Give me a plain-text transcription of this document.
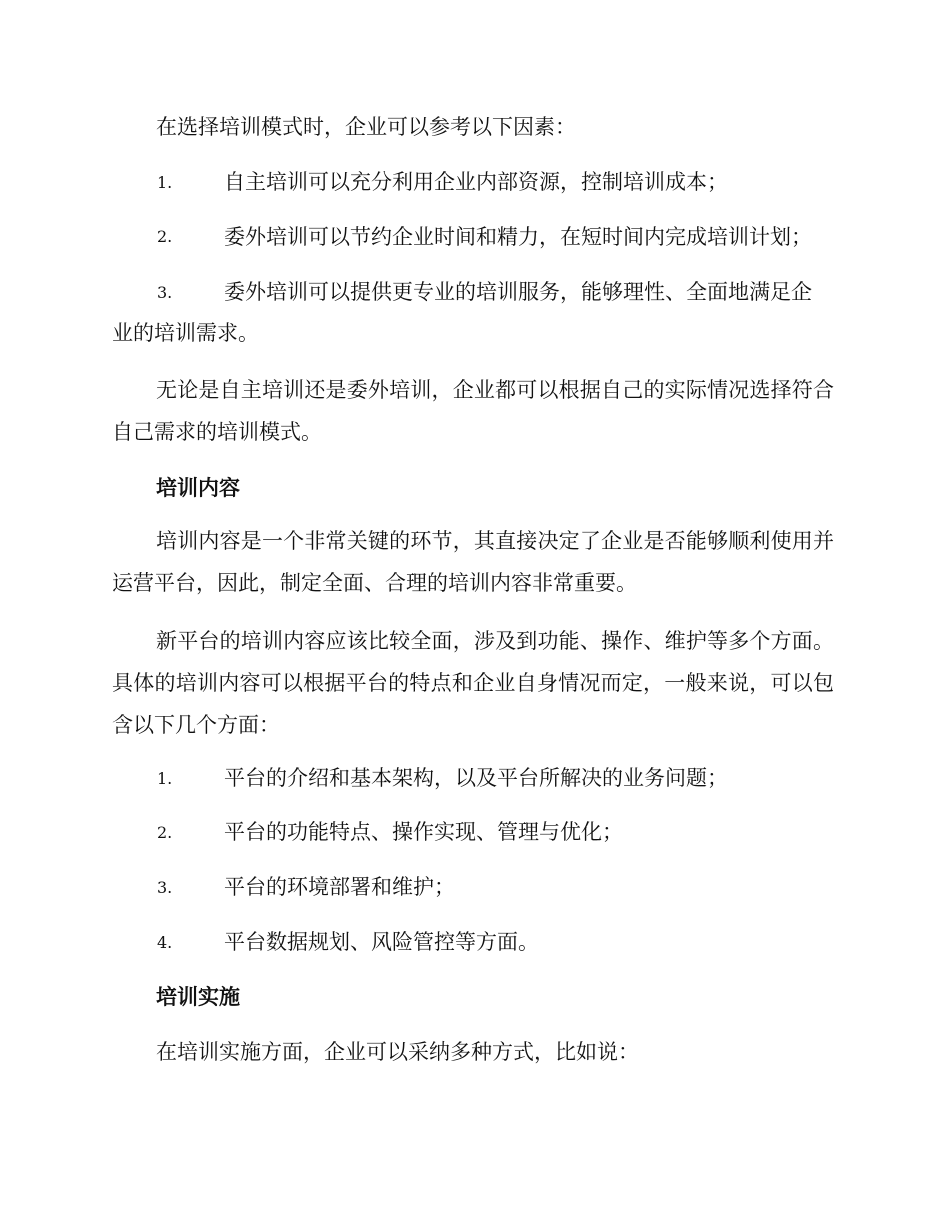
在选择培训模式时，企业可以参考以下因素：
1. 自主培训可以充分利用企业内部资源，控制培训成本；
2. 委外培训可以节约企业时间和精力，在短时间内完成培训计划；
3. 委外培训可以提供更专业的培训服务，能够理性、全面地满足企
业的培训需求。
无论是自主培训还是委外培训，企业都可以根据自己的实际情况选择符合自己需求的培训模式。
培训内容
培训内容是一个非常关键的环节，其直接决定了企业是否能够顺利使用并运营平台，因此，制定全面、合理的培训内容非常重要。
新平台的培训内容应该比较全面，涉及到功能、操作、维护等多个方面。具体的培训内容可以根据平台的特点和企业自身情况而定，一般来说，可以包含以下几个方面：
1. 平台的介绍和基本架构，以及平台所解决的业务问题；
2. 平台的功能特点、操作实现、管理与优化；
3. 平台的环境部署和维护；
4. 平台数据规划、风险管控等方面。
培训实施
在培训实施方面，企业可以采纳多种方式，比如说：
